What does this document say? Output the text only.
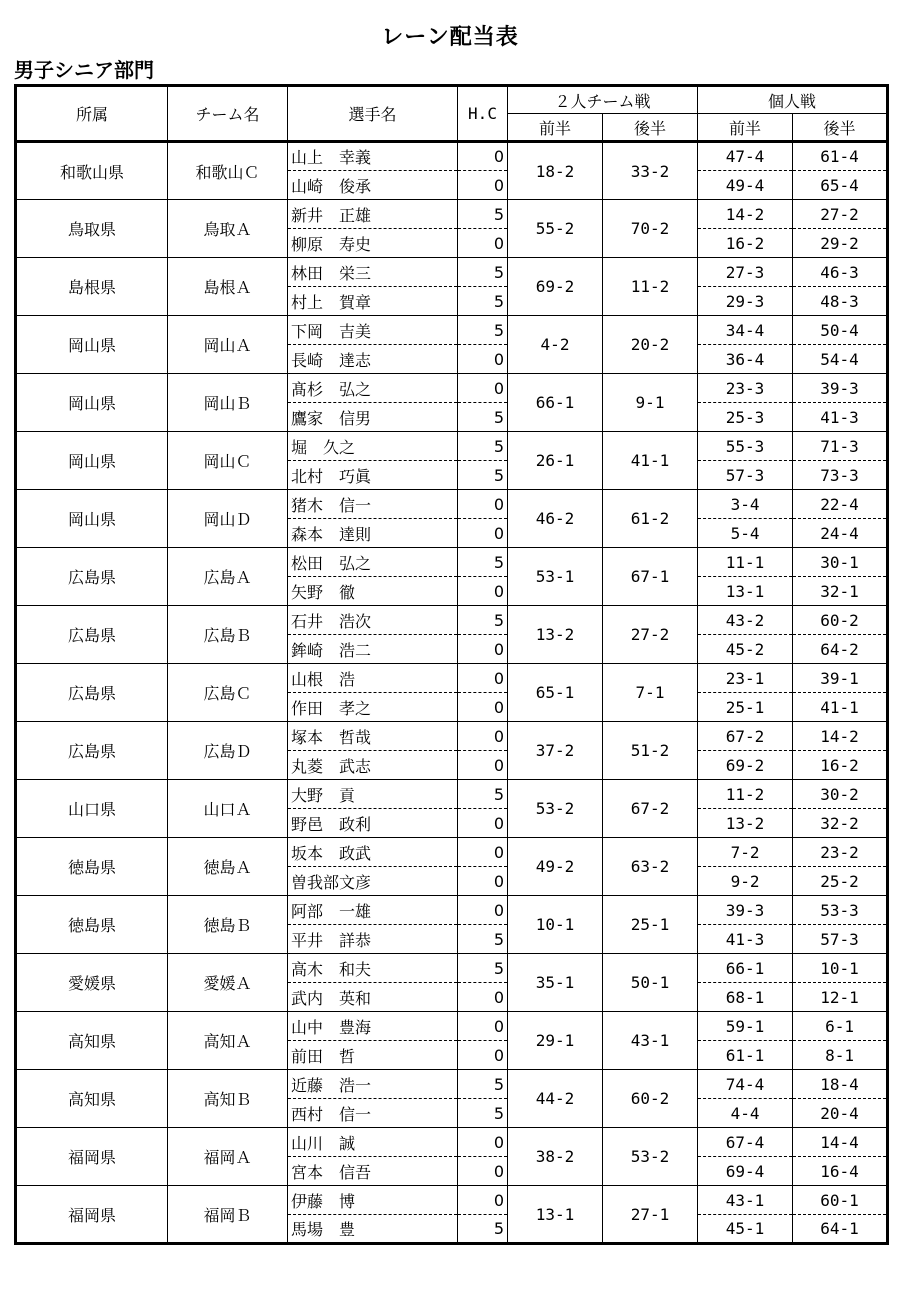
レーン配当表
男子シニア部門
所属	チーム名	選手名	H.C	２人チーム戦		個人戦	
				前半	後半	前半	後半
和歌山県	和歌山Ｃ	山上　幸義	0	18-2	33-2	47-4	61-4
		山崎　俊承	0			49-4	65-4
鳥取県	鳥取Ａ	新井　正雄	5	55-2	70-2	14-2	27-2
		柳原　寿史	0			16-2	29-2
島根県	島根Ａ	林田　栄三	5	69-2	11-2	27-3	46-3
		村上　賀章	5			29-3	48-3
岡山県	岡山Ａ	下岡　吉美	5	4-2	20-2	34-4	50-4
		長崎　達志	0			36-4	54-4
岡山県	岡山Ｂ	髙杉　弘之	0	66-1	9-1	23-3	39-3
		鷹家　信男	5			25-3	41-3
岡山県	岡山Ｃ	堀　久之	5	26-1	41-1	55-3	71-3
		北村　巧眞	5			57-3	73-3
岡山県	岡山Ｄ	猪木　信一	0	46-2	61-2	3-4	22-4
		森本　達則	0			5-4	24-4
広島県	広島Ａ	松田　弘之	5	53-1	67-1	11-1	30-1
		矢野　徹	0			13-1	32-1
広島県	広島Ｂ	石井　浩次	5	13-2	27-2	43-2	60-2
		鉾崎　浩二	0			45-2	64-2
広島県	広島Ｃ	山根　浩	0	65-1	7-1	23-1	39-1
		作田　孝之	0			25-1	41-1
広島県	広島Ｄ	塚本　哲哉	0	37-2	51-2	67-2	14-2
		丸菱　武志	0			69-2	16-2
山口県	山口Ａ	大野　貢	5	53-2	67-2	11-2	30-2
		野邑　政利	0			13-2	32-2
徳島県	徳島Ａ	坂本　政武	0	49-2	63-2	7-2	23-2
		曽我部文彦	0			9-2	25-2
徳島県	徳島Ｂ	阿部　一雄	0	10-1	25-1	39-3	53-3
		平井　詳恭	5			41-3	57-3
愛媛県	愛媛Ａ	高木　和夫	5	35-1	50-1	66-1	10-1
		武内　英和	0			68-1	12-1
高知県	高知Ａ	山中　豊海	0	29-1	43-1	59-1	6-1
		前田　哲	0			61-1	8-1
高知県	高知Ｂ	近藤　浩一	5	44-2	60-2	74-4	18-4
		西村　信一	5			4-4	20-4
福岡県	福岡Ａ	山川　誠	0	38-2	53-2	67-4	14-4
		宮本　信吾	0			69-4	16-4
福岡県	福岡Ｂ	伊藤　博	0	13-1	27-1	43-1	60-1
		馬場　豊	5			45-1	64-1
